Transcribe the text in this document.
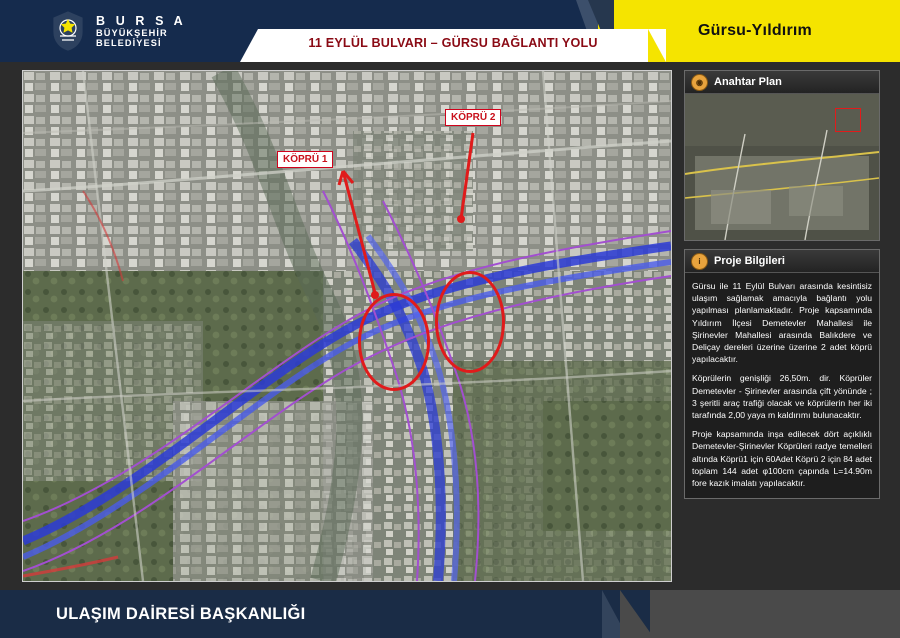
B U R S A
BÜYÜKŞEHİR
BELEDİYESİ	11 EYLÜL BULVARI – GÜRSU BAĞLANTI YOLU
Gürsu-Yıldırım
KÖPRÜ 1
KÖPRÜ 2
◉	Anahtar Plan
i	Proje Bilgileri

Gürsu ile 11 Eylül Bulvarı arasında kesintisiz ulaşım sağlamak amacıyla bağlantı yolu yapılması planlamaktadır. Proje kapsamında Yıldırım İlçesi Demetevler Mahallesi ile Şirinevler Mahallesi arasında Balıkdere ve Deliçay dereleri üzerine üzerine 2 adet köprü yapılacaktır.

Köprülerin genişliği 26,50m. dir. Köprüler Demetevler - Şirinevler arasında çift yönünde ; 3 şeritli araç trafiği olacak ve köprülerin her iki tarafında 2,00 yaya m kaldırımı bulunacaktır.

Proje kapsamında inşa edilecek dört açıklıklı Demetevler-Şirinevler Köprüleri radye temelleri altında Köprü1 için 60Adet Köprü 2 için 84 adet toplam 144 adet φ100cm çapında L=14.90m fore kazık imalatı yapılacaktır.

ULAŞIM DAİRESİ BAŞKANLIĞI
